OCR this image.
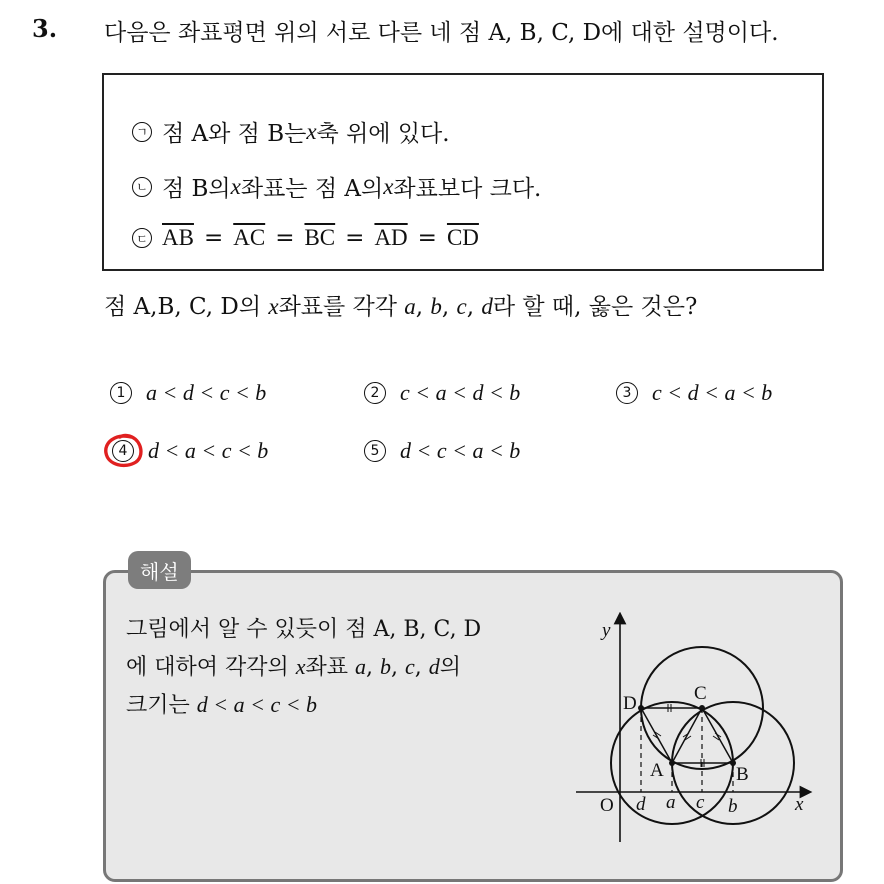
3. 다음은 좌표평면 위의 서로 다른 네 점 A, B, C, D에 대한 설명이다.
ㄱ 점 A와 점 B는 x 축 위에 있다.
ㄴ 점 B의 x 좌표는 점 A의 x 좌표보다 크다.
ㄷ $\overline{AB} = \overline{AC} = \overline{BC} = \overline{AD} = \overline{CD}$
점 A,B, C, D의 x좌표를 각각 a, b, c, d라 할 때, 옳은 것은?
1 a < d < c < b	2 c < a < d < b	3 c < d < a < b
4 d < a < c < b	5 d < c < a < b
해설
그림에서 알 수 있듯이 점 A, B, C, D
에 대하여 각각의 x좌표 a, b, c, d의
크기는 d < a < c < b
A	B
C
D
O d a c b	x
y
